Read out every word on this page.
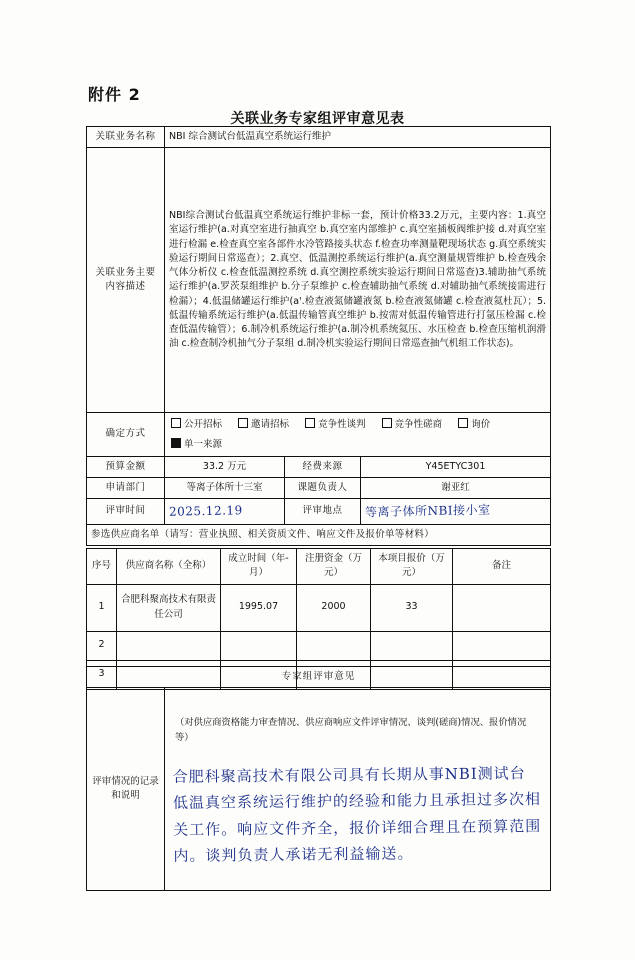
附件 2
关联业务专家组评审意见表
关联业务名称	NBI 综合测试台低温真空系统运行维护		
关联业务主要内容描述	NBI综合测试台低温真空系统运行维护非标一套，预计价格33.2万元，主要内容：1.真空室运行维护(a.对真空室进行抽真空 b.真空室内部维护 c.真空室插板阀维护接 d.对真空室进行检漏 e.检查真空室各部件水冷管路接头状态 f.检查功率测量靶现场状态 g.真空系统实验运行期间日常巡查）；2.真空、低温测控系统运行维护(a.真空测量规管维护 b.检查残余气体分析仪 c.检查低温测控系统 d.真空测控系统实验运行期间日常巡查)3.辅助抽气系统运行维护(a.罗茨泵组维护 b.分子泵维护 c.检查辅助抽气系统 d.对辅助抽气系统接需进行检漏）；4.低温储罐运行维护(a'.检查液氮储罐液氮 b.检查液氮储罐 c.检查液氦杜瓦）；5.低温传输系统运行维护(a.低温传输管真空维护 b.按需对低温传输管进行打氩压检漏 c.检查低温传输管）；6.制冷机系统运行维护(a.制冷机系统氦压、水压检查 b.检查压缩机润滑油 c.检查制冷机抽气分子泵组 d.制冷机实验运行期间日常巡查抽气机组工作状态)。		
确定方式	公开招标 邀请招标 竞争性谈判 竞争性磋商 询价
单一来源		

预算金额	33.2 万元	经费来源	Y45ETYC301
申请部门	等离子体所十三室	课题负责人	谢亚红
评审时间	2025.12.19	评审地点	等离子体所NBI接小室
参选供应商名单（请写：营业执照、相关资质文件、响应文件及报价单等材料）			
序号	供应商名称（全称）	成立时间（年-月）	注册资金（万元）	本项目报价（万元）	备注
1	合肥科聚高技术有限责任公司	1995.07	2000	33	
2					
3						专家组评审意见
评审情况的记录和说明	
（对供应商资格能力审查情况、供应商响应文件评审情况、谈判(磋商)情况、报价情况等）
合肥科聚高技术有限公司具有长期从事NBI测试台低温真空系统运行维护的经验和能力且承担过多次相关工作。响应文件齐全，报价详细合理且在预算范围内。谈判负责人承诺无利益输送。
